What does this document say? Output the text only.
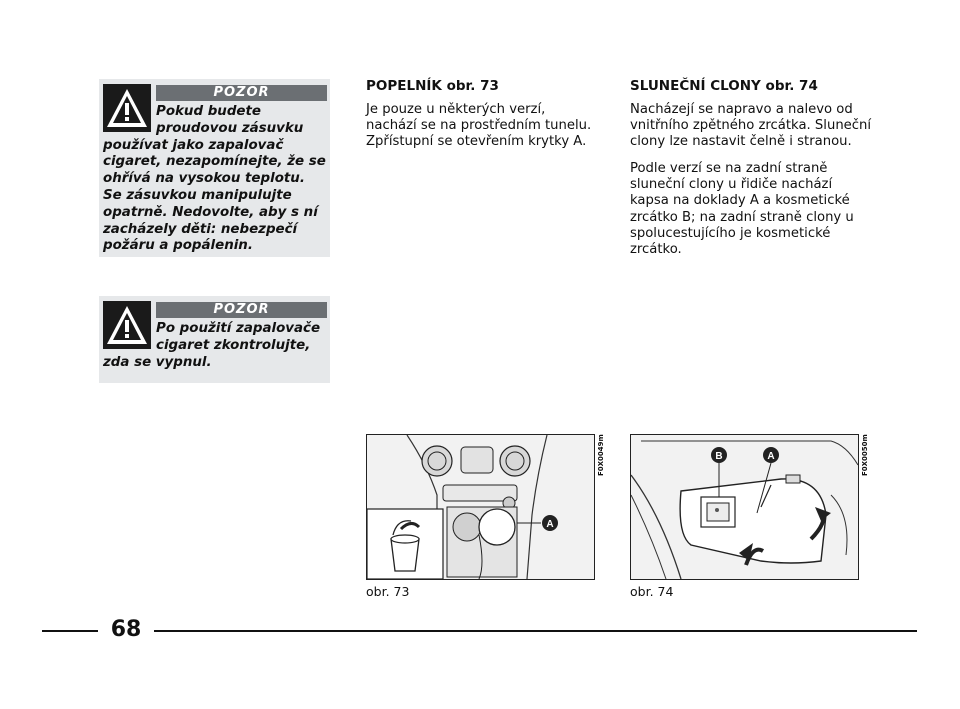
POZOR

Pokud budete proudovou zásuvku používat jako zapalovač cigaret, nezapomínejte, že se ohřívá na vysokou teplotu. Se zásuvkou manipulujte opatrně. Nedovolte, aby s ní zacházely děti: nebezpečí požáru a popálenin.

POZOR

Po použití zapalovače cigaret zkontrolujte, zda se vypnul.

POPELNÍK obr. 73

Je pouze u některých verzí, nachází se na prostředním tunelu. Zpřístupní se otevřením krytky A.

SLUNEČNÍ CLONY obr. 74

Nacházejí se napravo a nalevo od vnitřního zpětného zrcátka. Sluneční clony lze nastavit čelně i stranou.

Podle verzí se na zadní straně sluneční clony u řidiče nachází kapsa na doklady A a kosmetické zrcátko B; na zadní straně clony u spolucestujícího je kosmetické zrcátko.

A
F0X0049m

obr. 73

B	A	F0X0050m

obr. 74

68
